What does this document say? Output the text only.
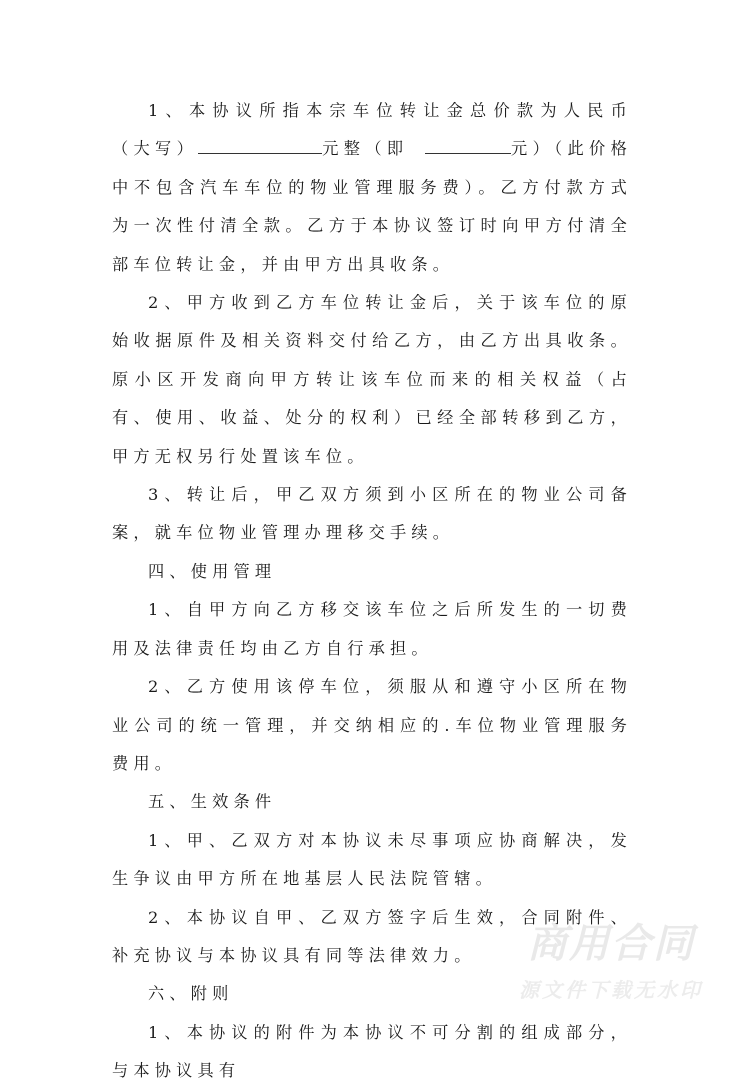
1、本协议所指本宗车位转让金总价款为人民币（大写）	元整（即	元）（此价格中不包含汽车车位的物业管理服务费）。乙方付款方式为一次性付清全款。乙方于本协议签订时向甲方付清全部车位转让金，并由甲方出具收条。

2、甲方收到乙方车位转让金后，关于该车位的原始收据原件及相关资料交付给乙方，由乙方出具收条。原小区开发商向甲方转让该车位而来的相关权益（占有、使用、收益、处分的权利）已经全部转移到乙方，甲方无权另行处置该车位。

3、转让后，甲乙双方须到小区所在的物业公司备案，就车位物业管理办理移交手续。

四、使用管理

1、自甲方向乙方移交该车位之后所发生的一切费用及法律责任均由乙方自行承担。

2、乙方使用该停车位，须服从和遵守小区所在物业公司的统一管理，并交纳相应的.车位物业管理服务费用。

五、生效条件

1、甲、乙双方对本协议未尽事项应协商解决，发生争议由甲方所在地基层人民法院管辖。

2、本协议自甲、乙双方签字后生效，合同附件、补充协议与本协议具有同等法律效力。

六、附则

1、本协议的附件为本协议不可分割的组成部分，与本协议具有

商用合同
源文件下载无水印
